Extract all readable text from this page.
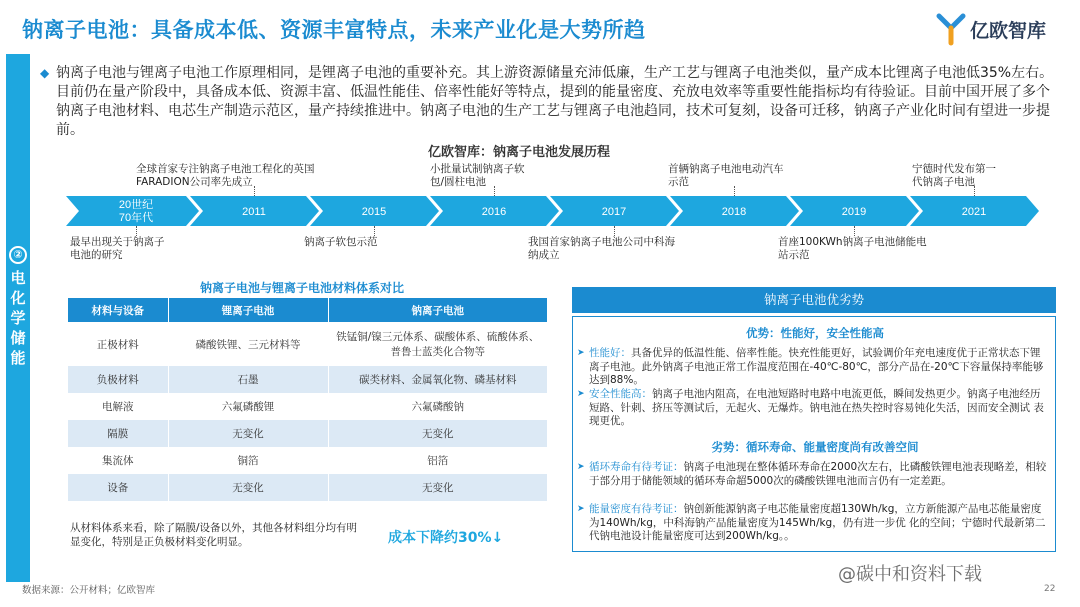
钠离子电池：具备成本低、资源丰富特点，未来产业化是大势所趋	亿欧智库
②
电
化
学
储
能
◆ 钠离子电池与锂离子电池工作原理相同，是锂离子电池的重要补充。其上游资源储量充沛低廉，生产工艺与锂离子电池类似，量产成本比锂离子电池低35%左右。目前仍在量产阶段中，具备成本低、资源丰富、低温性能佳、倍率性能好等特点，提到的能量密度、充放电效率等重要性能指标均有待验证。目前中国开展了多个钠离子电池材料、电芯生产制造示范区，量产持续推进中。钠离子电池的生产工艺与锂离子电池趋同，技术可复刻，设备可迁移，钠离子产业化时间有望进一步提前。

亿欧智库：钠离子电池发展历程
20世纪
70年代	2011	2015	2016	2017	2018	2019	2021
全球首家专注钠离子电池工程化的英国FARADION公司率先成立
小批量试制钠离子软包/圆柱电池
首辆钠离子电池电动汽车示范
宁德时代发布第一代钠离子电池
最早出现关于钠离子电池的研究
钠离子软包示范	我国首家钠离子电池公司中科海纳成立
首座100KWh钠离子电池储能电站示范
钠离子电池与锂离子电池材料体系对比
材料与设备	锂离子电池	钠离子电池
正极材料	磷酸铁锂、三元材料等	铁锰铜/镍三元体系、碳酸体系、硫酸体系、普鲁士蓝类化合物等
负极材料	石墨	碳类材料、金属氧化物、磷基材料
电解液	六氟磷酸锂	六氟磷酸钠
隔膜	无变化	无变化
集流体	铜箔	铝箔
设备	无变化	无变化
从材料体系来看，除了隔膜/设备以外，其他各材料组分均有明显变化，特别是正负极材料变化明显。	成本下降约30%↓
钠离子电池优劣势
优势：性能好，安全性能高
➤ 性能好：具备优异的低温性能、倍率性能。快充性能更好，试验调价年充电速度优于正常状态下锂离子电池。此外钠离子电池正常工作温度范围在-40℃-80℃，部分产品在-20℃下容量保持率能够达到88%。
➤ 安全性能高：钠离子电池内阻高，在电池短路时电路中电流更低，瞬间发热更少。钠离子电池经历短路、针刺、挤压等测试后，无起火、无爆炸。钠电池在热失控时容易钝化失活，因而安全测试 表现更优。
劣势：循环寿命、能量密度尚有改善空间
➤ 循环寿命有待考证：钠离子电池现在整体循环寿命在2000次左右，比磷酸铁锂电池表现略差，相较于部分用于储能领域的循环寿命超5000次的磷酸铁锂电池而言仍有一定差距。
➤ 能量密度有待考证：钠创新能源钠离子电芯能量密度超130Wh/kg，立方新能源产品电芯能量密度为140Wh/kg，中科海钠产品能量密度为145Wh/kg，仍有进一步优 化的空间；宁德时代最新第二代钠电池设计能量密度可达到200Wh/kg。。
数据来源：公开材料；亿欧智库
@碳中和资料下载
22
